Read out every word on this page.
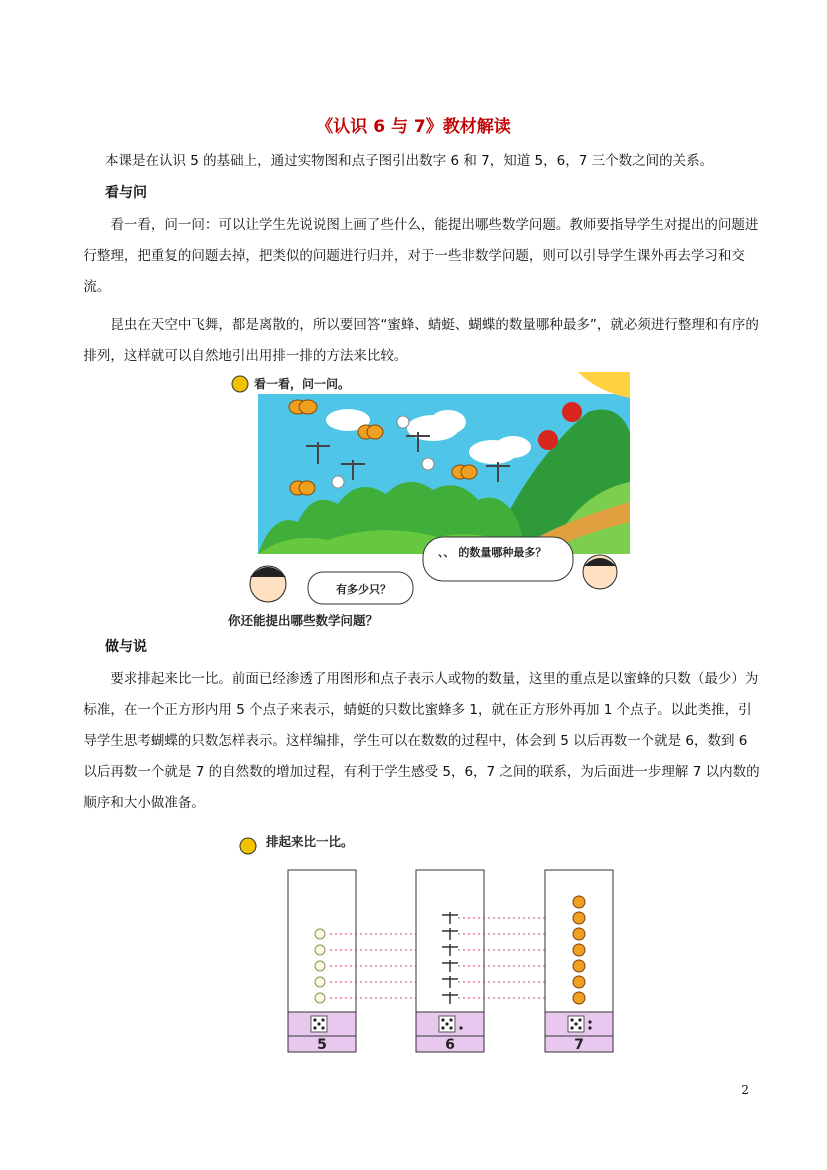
《认识 6 与 7》教材解读

本课是在认识 5 的基础上，通过实物图和点子图引出数字 6 和 7，知道 5，6，7 三个数之间的关系。

看与问

看一看，问一问：可以让学生先说说图上画了些什么，能提出哪些数学问题。教师要指导学生对提出的问题进行整理，把重复的问题去掉，把类似的问题进行归并，对于一些非数学问题，则可以引导学生课外再去学习和交流。

昆虫在天空中飞舞，都是离散的，所以要回答“蜜蜂、蜻蜓、蝴蝶的数量哪种最多”，就必须进行整理和有序的排列，这样就可以自然地引出用排一排的方法来比较。

看一看，问一问。
、、 的数量哪种最多？
有多少只？
你还能提出哪些数学问题？

做与说

要求排起来比一比。前面已经渗透了用图形和点子表示人或物的数量，这里的重点是以蜜蜂的只数（最少）为标准，在一个正方形内用 5 个点子来表示，蜻蜓的只数比蜜蜂多 1，就在正方形外再加 1 个点子。以此类推，引导学生思考蝴蝶的只数怎样表示。这样编排，学生可以在数数的过程中，体会到 5 以后再数一个就是 6，数到 6 以后再数一个就是 7 的自然数的增加过程，有利于学生感受 5，6，7 之间的联系，为后面进一步理解 7 以内数的顺序和大小做准备。

排起来比一比。
5	6	7
2
